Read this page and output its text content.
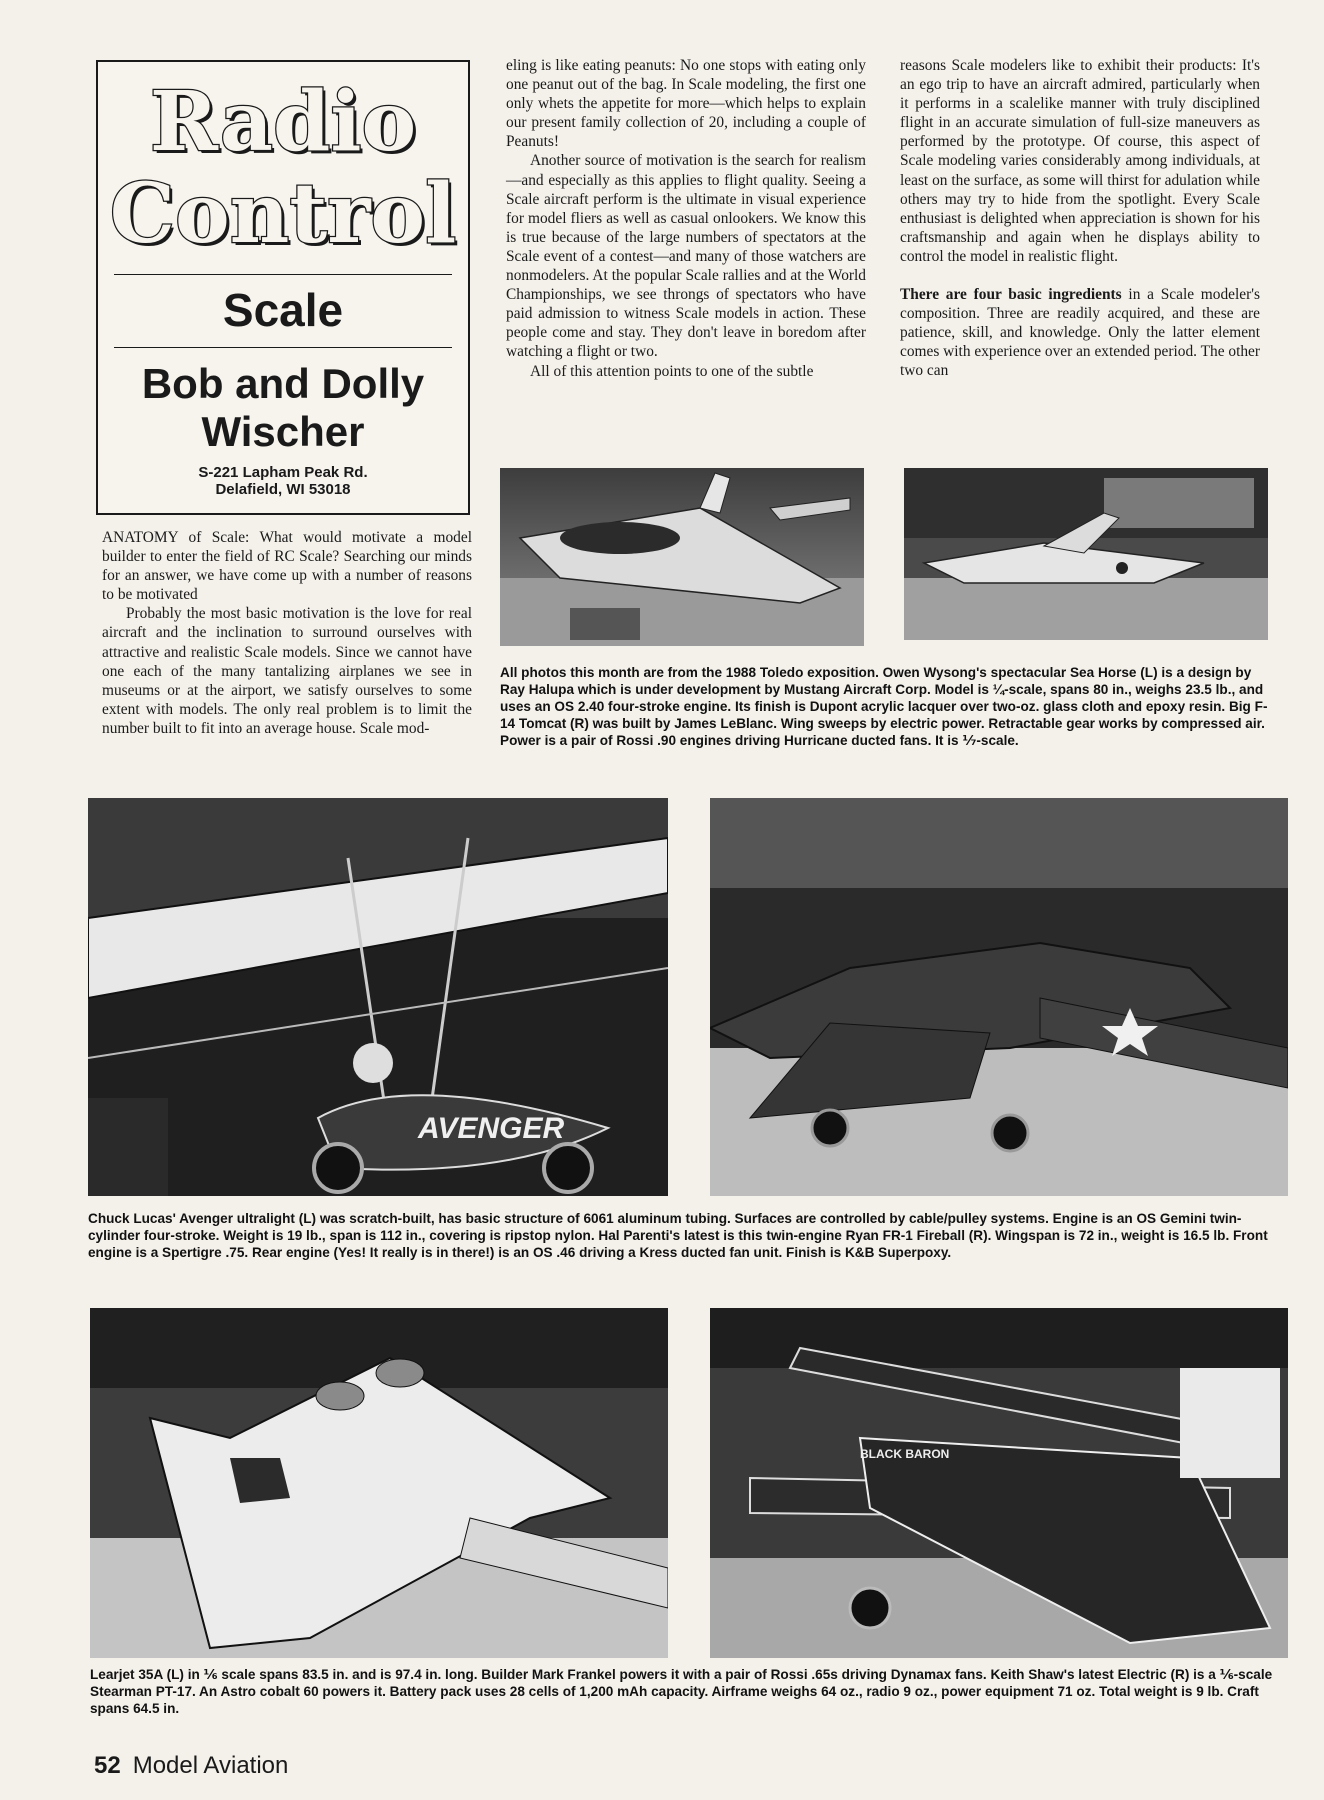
Radio
Control
Scale
Bob and Dolly
Wischer
S-221 Lapham Peak Rd.
Delafield, WI 53018

ANATOMY of Scale: What would motivate a model builder to enter the field of RC Scale? Searching our minds for an answer, we have come up with a number of reasons to be motivated

Probably the most basic motivation is the love for real aircraft and the inclination to surround ourselves with attractive and realistic Scale models. Since we cannot have one each of the many tantalizing airplanes we see in museums or at the airport, we satisfy ourselves to some extent with models. The only real problem is to limit the number built to fit into an average house. Scale mod-

eling is like eating peanuts: No one stops with eating only one peanut out of the bag. In Scale modeling, the first one only whets the appetite for more—which helps to explain our present family collection of 20, including a couple of Peanuts!

Another source of motivation is the search for realism—and especially as this applies to flight quality. Seeing a Scale aircraft perform is the ultimate in visual experience for model fliers as well as casual onlookers. We know this is true because of the large numbers of spectators at the Scale event of a contest—and many of those watchers are nonmodelers. At the popular Scale rallies and at the World Championships, we see throngs of spectators who have paid admission to witness Scale models in action. These people come and stay. They don't leave in boredom after watching a flight or two.

All of this attention points to one of the subtle

reasons Scale modelers like to exhibit their products: It's an ego trip to have an aircraft admired, particularly when it performs in a scalelike manner with truly disciplined flight in an accurate simulation of full-size maneuvers as performed by the prototype. Of course, this aspect of Scale modeling varies considerably among individuals, at least on the surface, as some will thirst for adulation while others may try to hide from the spotlight. Every Scale enthusiast is delighted when appreciation is shown for his craftsmanship and again when he displays ability to control the model in realistic flight.

There are four basic ingredients in a Scale modeler's composition. Three are readily acquired, and these are patience, skill, and knowledge. Only the latter element comes with experience over an extended period. The other two can

All photos this month are from the 1988 Toledo exposition. Owen Wysong's spectacular Sea Horse (L) is a design by Ray Halupa which is under development by Mustang Aircraft Corp. Model is ¼-scale, spans 80 in., weighs 23.5 lb., and uses an OS 2.40 four-stroke engine. Its finish is Dupont acrylic lacquer over two-oz. glass cloth and epoxy resin. Big F-14 Tomcat (R) was built by James LeBlanc. Wing sweeps by electric power. Retractable gear works by compressed air. Power is a pair of Rossi .90 engines driving Hurricane ducted fans. It is ⅐-scale.
AVENGER
Chuck Lucas' Avenger ultralight (L) was scratch-built, has basic structure of 6061 aluminum tubing. Surfaces are controlled by cable/pulley systems. Engine is an OS Gemini twin-cylinder four-stroke. Weight is 19 lb., span is 112 in., covering is ripstop nylon. Hal Parenti's latest is this twin-engine Ryan FR-1 Fireball (R). Wingspan is 72 in., weight is 16.5 lb. Front engine is a Spertigre .75. Rear engine (Yes! It really is in there!) is an OS .46 driving a Kress ducted fan unit. Finish is K&B Superpoxy.
BLACK BARON
Learjet 35A (L) in ⅙ scale spans 83.5 in. and is 97.4 in. long. Builder Mark Frankel powers it with a pair of Rossi .65s driving Dynamax fans. Keith Shaw's latest Electric (R) is a ⅙-scale Stearman PT-17. An Astro cobalt 60 powers it. Battery pack uses 28 cells of 1,200 mAh capacity. Airframe weighs 64 oz., radio 9 oz., power equipment 71 oz. Total weight is 9 lb. Craft spans 64.5 in.
52 Model Aviation
